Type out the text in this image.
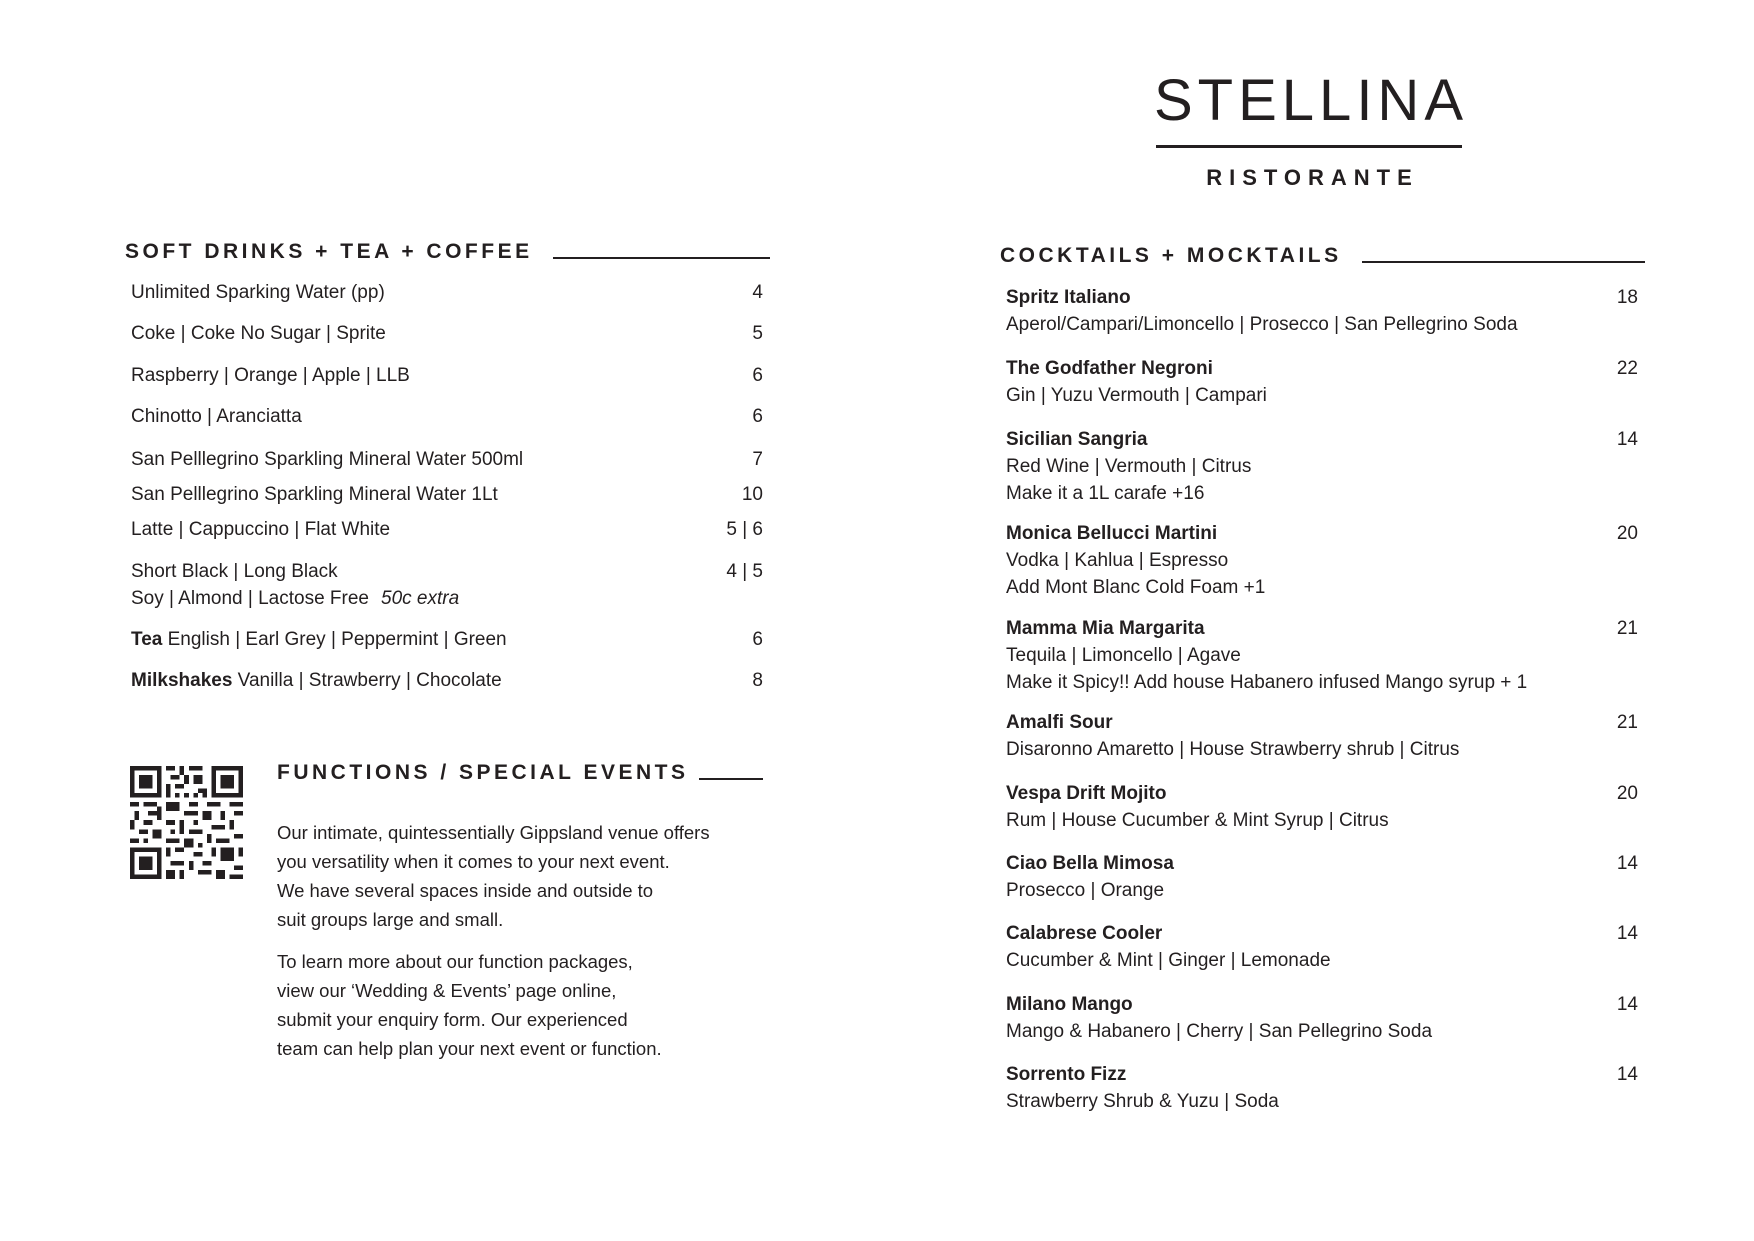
STELLINA
RISTORANTE
SOFT DRINKS + TEA + COFFEE
Unlimited Sparking Water (pp)	4
Coke | Coke No Sugar | Sprite	5
Raspberry | Orange | Apple | LLB	6
Chinotto | Aranciatta	6
San Pelllegrino Sparkling Mineral Water 500ml	7
San Pelllegrino Sparkling Mineral Water 1Lt	10
Latte | Cappuccino | Flat White	5 | 6
Short Black | Long Black	4 | 5
Soy | Almond | Lactose Free 50c extra
Tea English | Earl Grey | Peppermint | Green	6
Milkshakes Vanilla | Strawberry | Chocolate	8
FUNCTIONS / SPECIAL EVENTS
Our intimate, quintessentially Gippsland venue offers
you versatility when it comes to your next event.
We have several spaces inside and outside to
suit groups large and small.
To learn more about our function packages,
view our ‘Wedding & Events’ page online,
submit your enquiry form. Our experienced
team can help plan your next event or function.
COCKTAILS + MOCKTAILS
Spritz Italiano	18
Aperol/Campari/Limoncello | Prosecco | San Pellegrino Soda
The Godfather Negroni	22
Gin | Yuzu Vermouth | Campari
Sicilian Sangria	14
Red Wine | Vermouth | Citrus
Make it a 1L carafe +16
Monica Bellucci Martini	20
Vodka | Kahlua | Espresso
Add Mont Blanc Cold Foam +1
Mamma Mia Margarita	21
Tequila | Limoncello | Agave
Make it Spicy!! Add house Habanero infused Mango syrup + 1
Amalfi Sour	21
Disaronno Amaretto | House Strawberry shrub | Citrus
Vespa Drift Mojito	20
Rum | House Cucumber & Mint Syrup | Citrus
Ciao Bella Mimosa	14
Prosecco | Orange
Calabrese Cooler	14
Cucumber & Mint | Ginger | Lemonade
Milano Mango	14
Mango & Habanero | Cherry | San Pellegrino Soda
Sorrento Fizz	14
Strawberry Shrub & Yuzu | Soda
